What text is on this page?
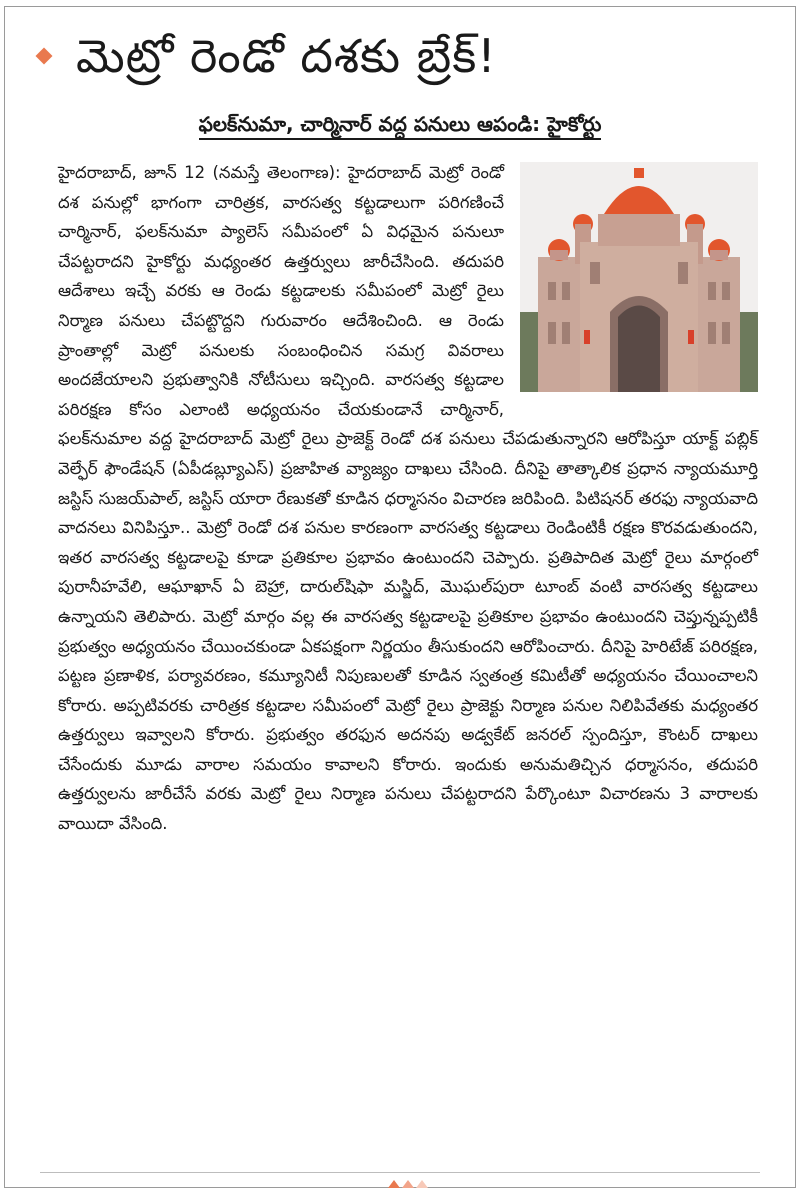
మెట్రో రెండో దశకు బ్రేక్!
ఫలక్‌నుమా, చార్మినార్ వద్ద పనులు ఆపండి: హైకోర్టు

హైదరాబాద్, జూన్ 12 (నమస్తే తెలంగాణ): హైదరాబాద్ మెట్రో రెండో దశ పనుల్లో భాగంగా చారిత్రక, వారసత్వ కట్టడాలుగా పరిగణించే చార్మినార్, ఫలక్‌నుమా ప్యాలెస్ సమీపంలో ఏ విధమైన పనులూ చేపట్టరాదని హైకోర్టు మధ్యంతర ఉత్తర్వులు జారీచేసింది. తదుపరి ఆదేశాలు ఇచ్చే వరకు ఆ రెండు కట్టడాలకు సమీపంలో మెట్రో రైలు నిర్మాణ పనులు చేపట్టొద్దని గురువారం ఆదేశించింది. ఆ రెండు ప్రాంతాల్లో మెట్రో పనులకు సంబంధించిన సమగ్ర వివరాలు అందజేయాలని ప్రభుత్వానికి నోటీసులు ఇచ్చింది. వారసత్వ కట్టడాల పరిరక్షణ కోసం ఎలాంటి అధ్యయనం చేయకుండానే చార్మినార్, ఫలక్‌నుమాల వద్ద హైదరాబాద్ మెట్రో రైలు ప్రాజెక్ట్ రెండో దశ పనులు చేపడుతున్నారని ఆరోపిస్తూ యాక్ట్ పబ్లిక్ వెల్ఫేర్ ఫౌండేషన్ (ఏపీడబ్ల్యూఎస్) ప్రజాహిత వ్యాజ్యం దాఖలు చేసింది. దీనిపై తాత్కాలిక ప్రధాన న్యాయమూర్తి జస్టిస్ సుజయ్‌పాల్, జస్టిస్ యారా రేణుకతో కూడిన ధర్మాసనం విచారణ జరిపింది. పిటిషనర్ తరఫు న్యాయవాది వాదనలు వినిపిస్తూ.. మెట్రో రెండో దశ పనుల కారణంగా వారసత్వ కట్టడాలు రెండింటికీ రక్షణ కొరవడుతుందని, ఇతర వారసత్వ కట్టడాలపై కూడా ప్రతికూల ప్రభావం ఉంటుందని చెప్పారు. ప్రతిపాదిత మెట్రో రైలు మార్గంలో పురానీహవేలి, ఆఘాఖాన్ ఏ బెహ్రా, దారుల్‌షిఫా మస్జిద్, మొఘల్‌పురా టూంబ్ వంటి వారసత్వ కట్టడాలు ఉన్నాయని తెలిపారు. మెట్రో మార్గం వల్ల ఈ వారసత్వ కట్టడాలపై ప్రతికూల ప్రభావం ఉంటుందని చెప్తున్నప్పటికీ ప్రభుత్వం అధ్యయనం చేయించకుండా ఏకపక్షంగా నిర్ణయం తీసుకుందని ఆరోపించారు. దీనిపై హెరిటేజ్ పరిరక్షణ, పట్టణ ప్రణాళిక, పర్యావరణం, కమ్యూనిటీ నిపుణులతో కూడిన స్వతంత్ర కమిటీతో అధ్యయనం చేయించాలని కోరారు. అప్పటివరకు చారిత్రక కట్టడాల సమీపంలో మెట్రో రైలు ప్రాజెక్టు నిర్మాణ పనుల నిలిపివేతకు మధ్యంతర ఉత్తర్వులు ఇవ్వాలని కోరారు. ప్రభుత్వం తరఫున అదనపు అడ్వకేట్ జనరల్ స్పందిస్తూ, కౌంటర్ దాఖలు చేసేందుకు మూడు వారాల సమయం కావాలని కోరారు. ఇందుకు అనుమతిచ్చిన ధర్మాసనం, తదుపరి ఉత్తర్వులను జారీచేసే వరకు మెట్రో రైలు నిర్మాణ పనులు చేపట్టరాదని పేర్కొంటూ విచారణను 3 వారాలకు వాయిదా వేసింది.
